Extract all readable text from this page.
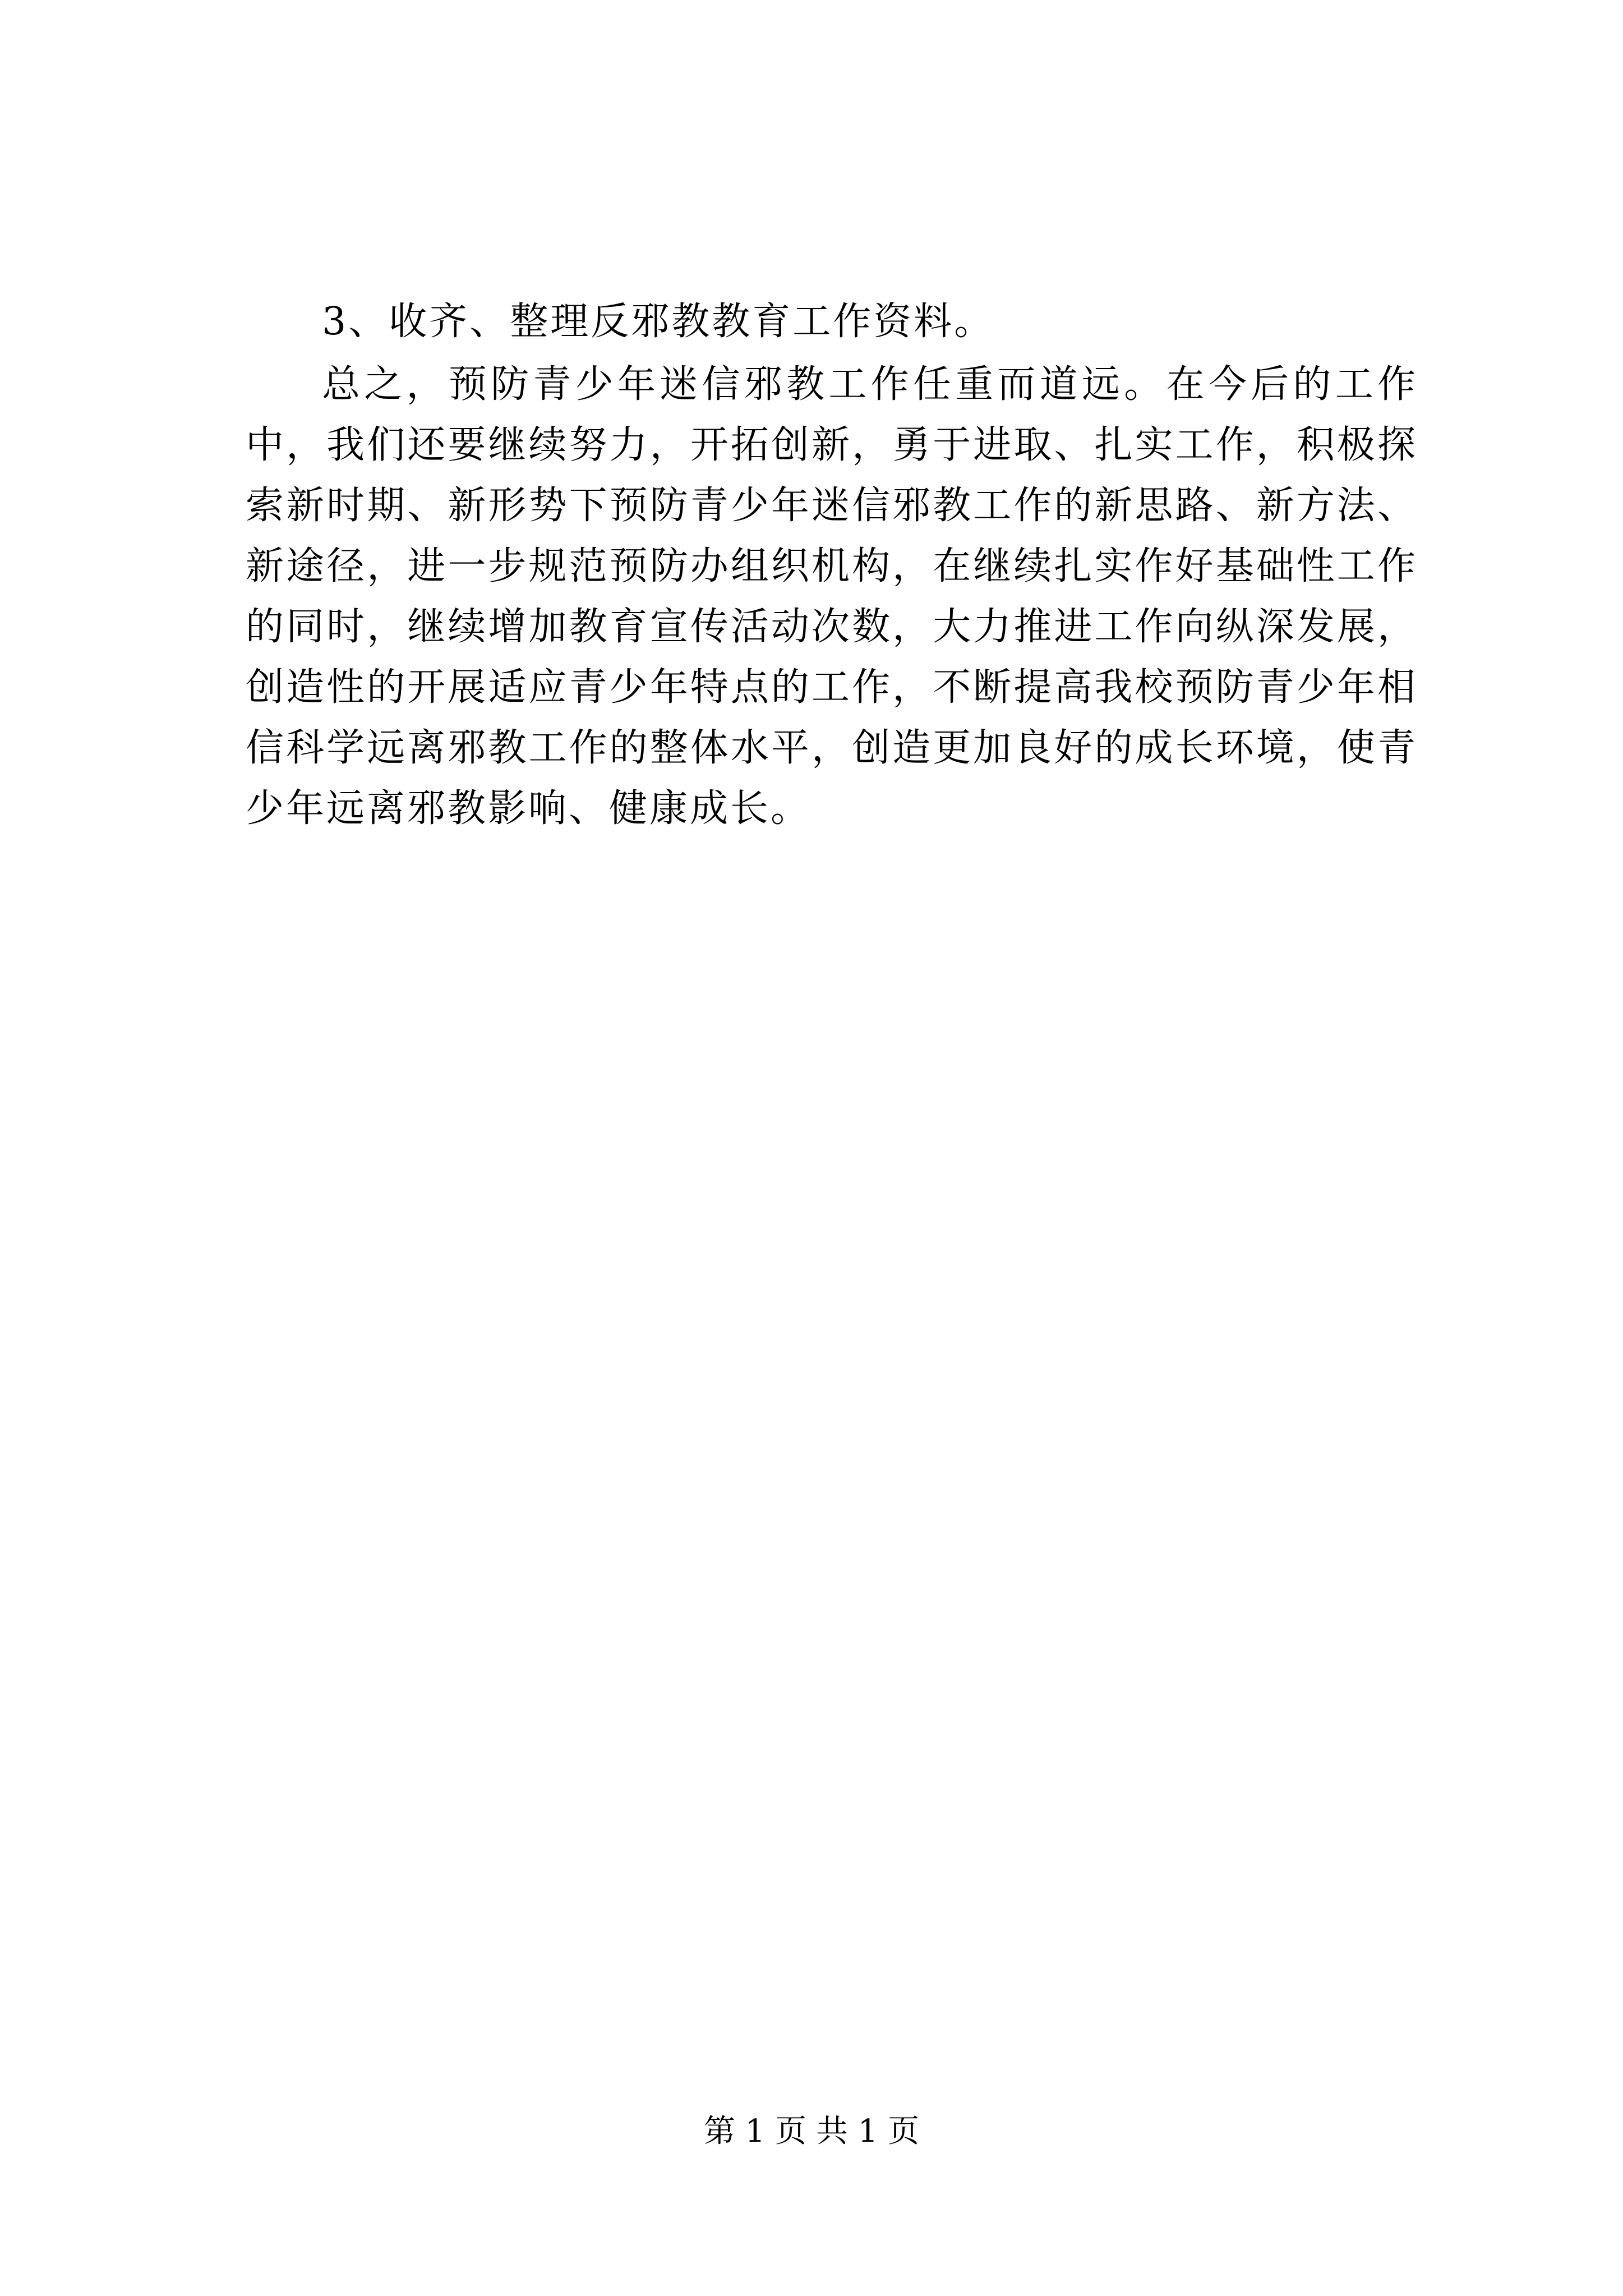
3、收齐、整理反邪教教育工作资料。

总之，预防青少年迷信邪教工作任重而道远。在今后的工作中，我们还要继续努力，开拓创新，勇于进取、扎实工作，积极探索新时期、新形势下预防青少年迷信邪教工作的新思路、新方法、新途径，进一步规范预防办组织机构，在继续扎实作好基础性工作的同时，继续增加教育宣传活动次数，大力推进工作向纵深发展，创造性的开展适应青少年特点的工作，不断提高我校预防青少年相信科学远离邪教工作的整体水平，创造更加良好的成长环境，使青少年远离邪教影响、健康成长。

第 1 页 共 1 页
